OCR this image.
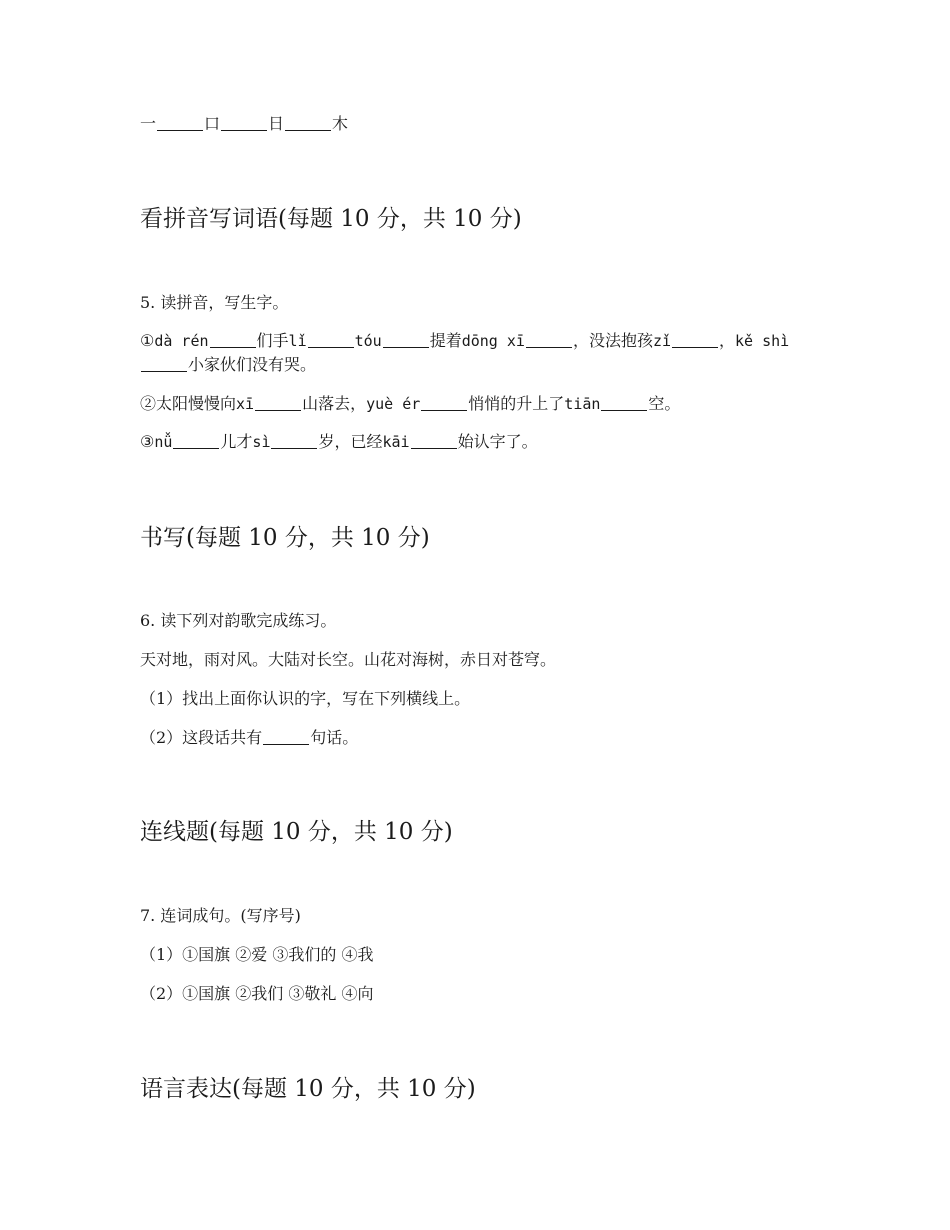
一	口	日	木
看拼音写词语(每题 10 分，共 10 分)
5. 读拼音，写生字。
①dà rén	们手lǐ	tóu	提着dōng xī	，没法抱孩zǐ	，kě shì小家伙们没有哭。
②太阳慢慢向xī	山落去，yuè ér	悄悄的升上了tiān	空。
③nǚ	儿才sì	岁，已经kāi	始认字了。
书写(每题 10 分，共 10 分)
6. 读下列对韵歌完成练习。
天对地，雨对风。大陆对长空。山花对海树，赤日对苍穹。
（1）找出上面你认识的字，写在下列横线上。
（2）这段话共有	句话。
连线题(每题 10 分，共 10 分)
7. 连词成句。(写序号)
（1）①国旗 ②爱 ③我们的 ④我
（2）①国旗 ②我们 ③敬礼 ④向
语言表达(每题 10 分，共 10 分)
